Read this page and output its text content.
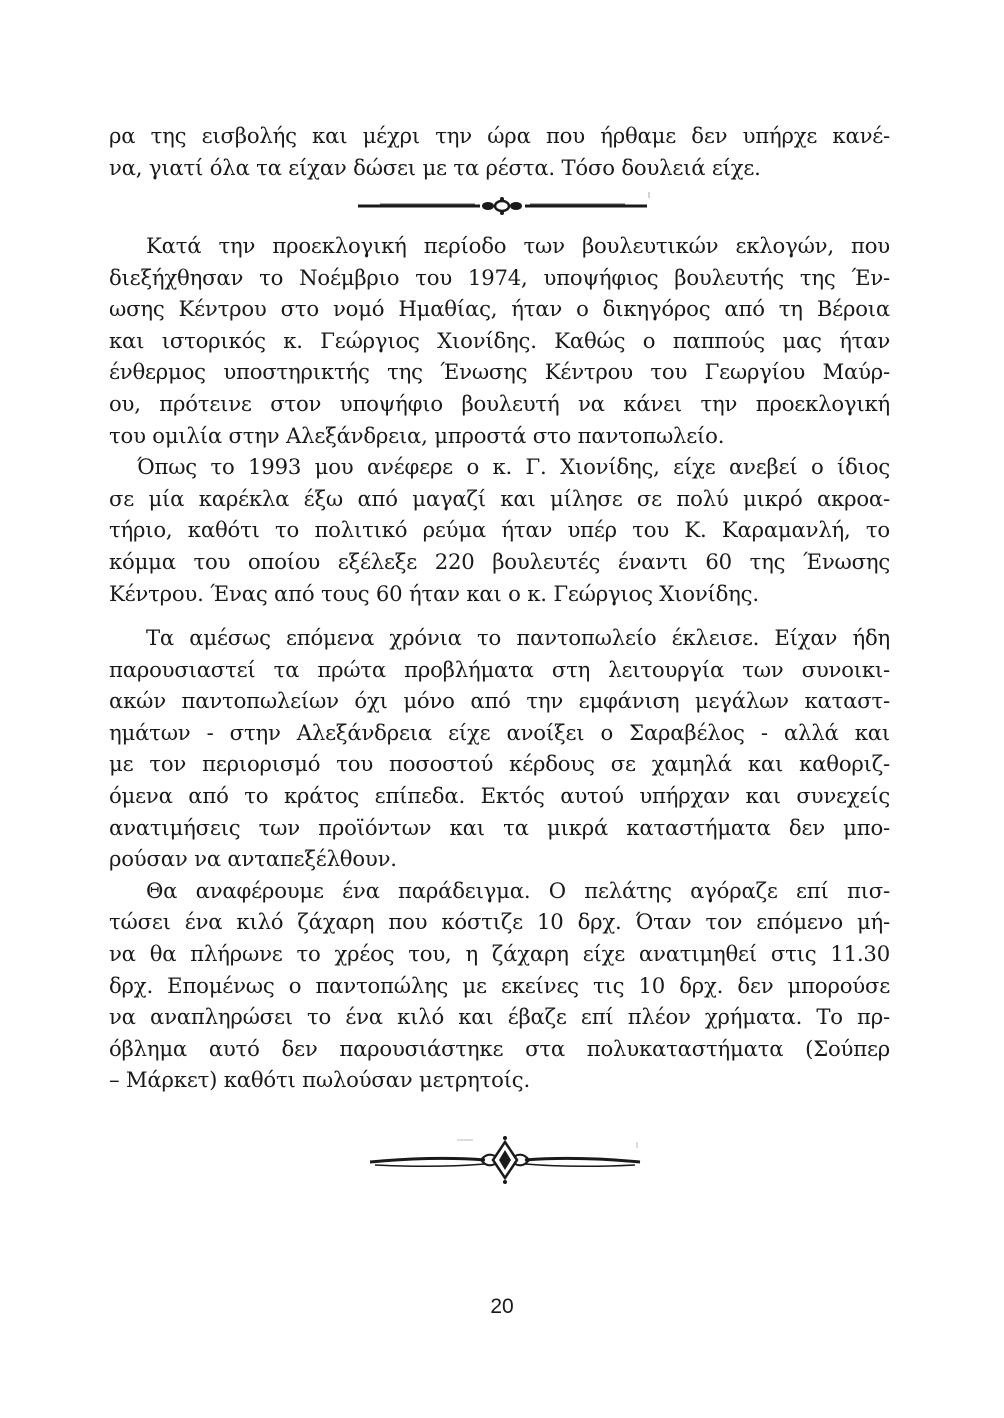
ρα της εισβολής και μέχρι την ώρα που ήρθαμε δεν υπήρχε κανέ-
να, γιατί όλα τα είχαν δώσει με τα ρέστα. Τόσο δουλειά είχε.
Κατά την προεκλογική περίοδο των βουλευτικών εκλογών, που
διεξήχθησαν το Νοέμβριο του 1974, υποψήφιος βουλευτής της Έν-
ωσης Κέντρου στο νομό Ημαθίας, ήταν ο δικηγόρος από τη Βέροια
και ιστορικός κ. Γεώργιος Χιονίδης. Καθώς ο παππούς μας ήταν
ένθερμος υποστηρικτής της Ένωσης Κέντρου του Γεωργίου Μαύρ-
ου, πρότεινε στον υποψήφιο βουλευτή να κάνει την προεκλογική
του ομιλία στην Αλεξάνδρεια, μπροστά στο παντοπωλείο.
Όπως το 1993 μου ανέφερε ο κ. Γ. Χιονίδης, είχε ανεβεί ο ίδιος
σε μία καρέκλα έξω από μαγαζί και μίλησε σε πολύ μικρό ακροα-
τήριο, καθότι το πολιτικό ρεύμα ήταν υπέρ του Κ. Καραμανλή, το
κόμμα του οποίου εξέλεξε 220 βουλευτές έναντι 60 της Ένωσης
Κέντρου. Ένας από τους 60 ήταν και ο κ. Γεώργιος Χιονίδης.
Τα αμέσως επόμενα χρόνια το παντοπωλείο έκλεισε. Είχαν ήδη
παρουσιαστεί τα πρώτα προβλήματα στη λειτουργία των συνοικι-
ακών παντοπωλείων όχι μόνο από την εμφάνιση μεγάλων καταστ-
ημάτων - στην Αλεξάνδρεια είχε ανοίξει ο Σαραβέλος - αλλά και
με τον περιορισμό του ποσοστού κέρδους σε χαμηλά και καθοριζ-
όμενα από το κράτος επίπεδα. Εκτός αυτού υπήρχαν και συνεχείς
ανατιμήσεις των προϊόντων και τα μικρά καταστήματα δεν μπο-
ρούσαν να ανταπεξέλθουν.
Θα αναφέρουμε ένα παράδειγμα. Ο πελάτης αγόραζε επί πισ-
τώσει ένα κιλό ζάχαρη που κόστιζε 10 δρχ. Όταν τον επόμενο μή-
να θα πλήρωνε το χρέος του, η ζάχαρη είχε ανατιμηθεί στις 11.30
δρχ. Επομένως ο παντοπώλης με εκείνες τις 10 δρχ. δεν μπορούσε
να αναπληρώσει το ένα κιλό και έβαζε επί πλέον χρήματα. Το πρ-
όβλημα αυτό δεν παρουσιάστηκε στα πολυκαταστήματα (Σούπερ
– Μάρκετ) καθότι πωλούσαν μετρητοίς.
20
